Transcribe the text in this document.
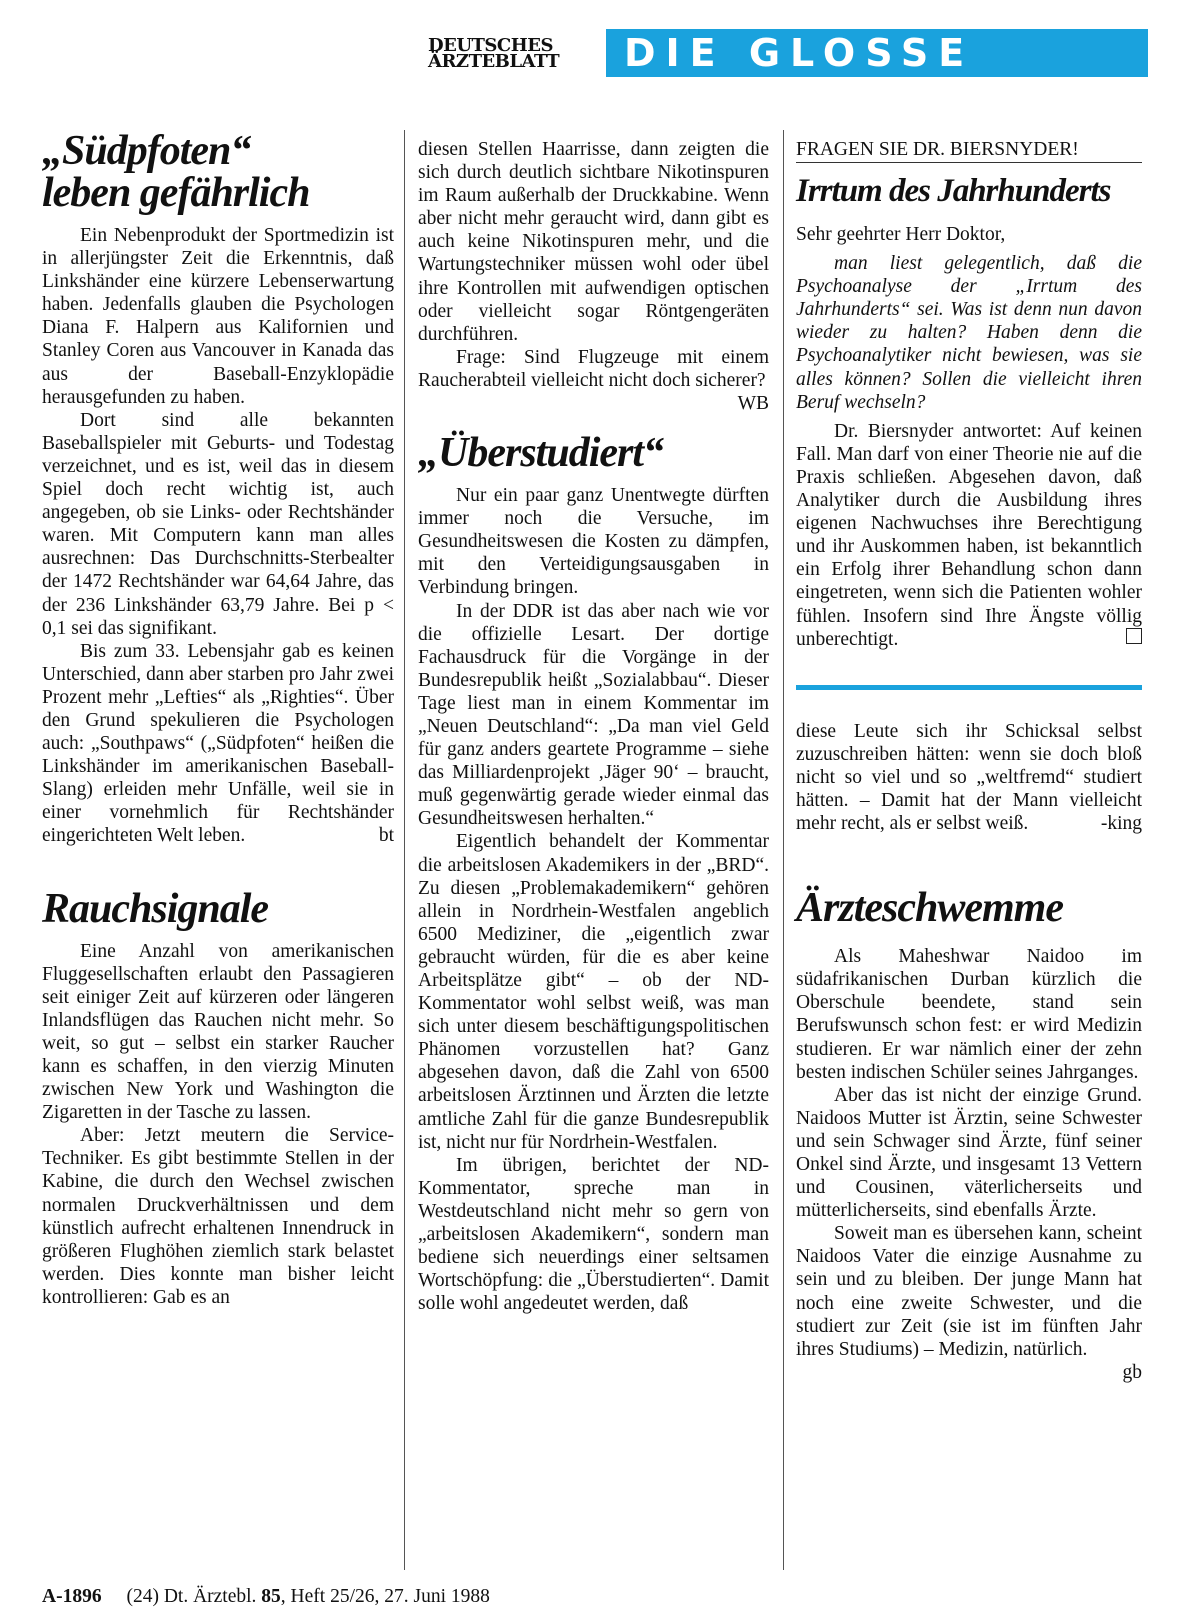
DEUTSCHES
ÄRZTEBLATT	DIE GLOSSE
„Südpfoten“
leben gefährlich

Ein Nebenprodukt der Sportmedizin ist in allerjüngster Zeit die Erkenntnis, daß Linkshänder eine kürzere Lebenserwartung haben. Jedenfalls glauben die Psychologen Diana F. Halpern aus Kalifornien und Stanley Coren aus Vancouver in Kanada das aus der Baseball-Enzyklopädie herausgefunden zu haben.

Dort sind alle bekannten Baseballspieler mit Geburts- und Todestag verzeichnet, und es ist, weil das in diesem Spiel doch recht wichtig ist, auch angegeben, ob sie Links- oder Rechtshänder waren. Mit Computern kann man alles ausrechnen: Das Durchschnitts-Sterbealter der 1472 Rechtshänder war 64,64 Jahre, das der 236 Linkshänder 63,79 Jahre. Bei p < 0,1 sei das signifikant.

Bis zum 33. Lebensjahr gab es keinen Unterschied, dann aber starben pro Jahr zwei Prozent mehr „Lefties“ als „Righties“. Über den Grund spekulieren die Psychologen auch: „Southpaws“ („Südpfoten“ heißen die Linkshänder im amerikanischen Baseball-Slang) erleiden mehr Unfälle, weil sie in einer vornehmlich für Rechtshänder eingerichteten Welt leben.	bt

Rauchsignale

Eine Anzahl von amerikanischen Fluggesellschaften erlaubt den Passagieren seit einiger Zeit auf kürzeren oder längeren Inlandsflügen das Rauchen nicht mehr. So weit, so gut – selbst ein starker Raucher kann es schaffen, in den vierzig Minuten zwischen New York und Washington die Zigaretten in der Tasche zu lassen.

Aber: Jetzt meutern die Service-Techniker. Es gibt bestimmte Stellen in der Kabine, die durch den Wechsel zwischen normalen Druckverhältnissen und dem künstlich aufrecht erhaltenen Innendruck in größeren Flughöhen ziemlich stark belastet werden. Dies konnte man bisher leicht kontrollieren: Gab es an

diesen Stellen Haarrisse, dann zeigten die sich durch deutlich sichtbare Nikotinspuren im Raum außerhalb der Druckkabine. Wenn aber nicht mehr geraucht wird, dann gibt es auch keine Nikotinspuren mehr, und die Wartungstechniker müssen wohl oder übel ihre Kontrollen mit aufwendigen optischen oder vielleicht sogar Röntgengeräten durchführen.

Frage: Sind Flugzeuge mit einem Raucherabteil vielleicht nicht doch sicherer?
WB

„Überstudiert“

Nur ein paar ganz Unentwegte dürften immer noch die Versuche, im Gesundheitswesen die Kosten zu dämpfen, mit den Verteidigungsausgaben in Verbindung bringen.

In der DDR ist das aber nach wie vor die offizielle Lesart. Der dortige Fachausdruck für die Vorgänge in der Bundesrepublik heißt „Sozialabbau“. Dieser Tage liest man in einem Kommentar im „Neuen Deutschland“: „Da man viel Geld für ganz anders geartete Programme – siehe das Milliardenprojekt ‚Jäger 90‘ – braucht, muß gegenwärtig gerade wieder einmal das Gesundheitswesen herhalten.“

Eigentlich behandelt der Kommentar die arbeitslosen Akademikers in der „BRD“. Zu diesen „Problemakademikern“ gehören allein in Nordrhein-Westfalen angeblich 6500 Mediziner, die „eigentlich zwar gebraucht würden, für die es aber keine Arbeitsplätze gibt“ – ob der ND-Kommentator wohl selbst weiß, was man sich unter diesem beschäftigungspolitischen Phänomen vorzustellen hat? Ganz abgesehen davon, daß die Zahl von 6500 arbeitslosen Ärztinnen und Ärzten die letzte amtliche Zahl für die ganze Bundesrepublik ist, nicht nur für Nordrhein-Westfalen.

Im übrigen, berichtet der ND-Kommentator, spreche man in Westdeutschland nicht mehr so gern von „arbeitslosen Akademikern“, sondern man bediene sich neuerdings einer seltsamen Wortschöpfung: die „Überstudierten“. Damit solle wohl angedeutet werden, daß

FRAGEN SIE DR. BIERSNYDER!
Irrtum des Jahrhunderts

Sehr geehrter Herr Doktor,

man liest gelegentlich, daß die Psychoanalyse der „Irrtum des Jahrhunderts“ sei. Was ist denn nun davon wieder zu halten? Haben denn die Psychoanalytiker nicht bewiesen, was sie alles können? Sollen die vielleicht ihren Beruf wechseln?

Dr. Biersnyder antwortet: Auf keinen Fall. Man darf von einer Theorie nie auf die Praxis schließen. Abgesehen davon, daß Analytiker durch die Ausbildung ihres eigenen Nachwuchses ihre Berechtigung und ihr Auskommen haben, ist bekanntlich ein Erfolg ihrer Behandlung schon dann eingetreten, wenn sich die Patienten wohler fühlen. Insofern sind Ihre Ängste völlig unberechtigt.

diese Leute sich ihr Schicksal selbst zuzuschreiben hätten: wenn sie doch bloß nicht so viel und so „weltfremd“ studiert hätten. – Damit hat der Mann vielleicht mehr recht, als er selbst weiß.	-king

Ärzteschwemme

Als Maheshwar Naidoo im südafrikanischen Durban kürzlich die Oberschule beendete, stand sein Berufswunsch schon fest: er wird Medizin studieren. Er war nämlich einer der zehn besten indischen Schüler seines Jahrganges.

Aber das ist nicht der einzige Grund. Naidoos Mutter ist Ärztin, seine Schwester und sein Schwager sind Ärzte, fünf seiner Onkel sind Ärzte, und insgesamt 13 Vettern und Cousinen, väterlicherseits und mütterlicherseits, sind ebenfalls Ärzte.

Soweit man es übersehen kann, scheint Naidoos Vater die einzige Ausnahme zu sein und zu bleiben. Der junge Mann hat noch eine zweite Schwester, und die studiert zur Zeit (sie ist im fünften Jahr ihres Studiums) – Medizin, natürlich.
gb

A-1896 (24) Dt. Ärztebl. 85, Heft 25/26, 27. Juni 1988
